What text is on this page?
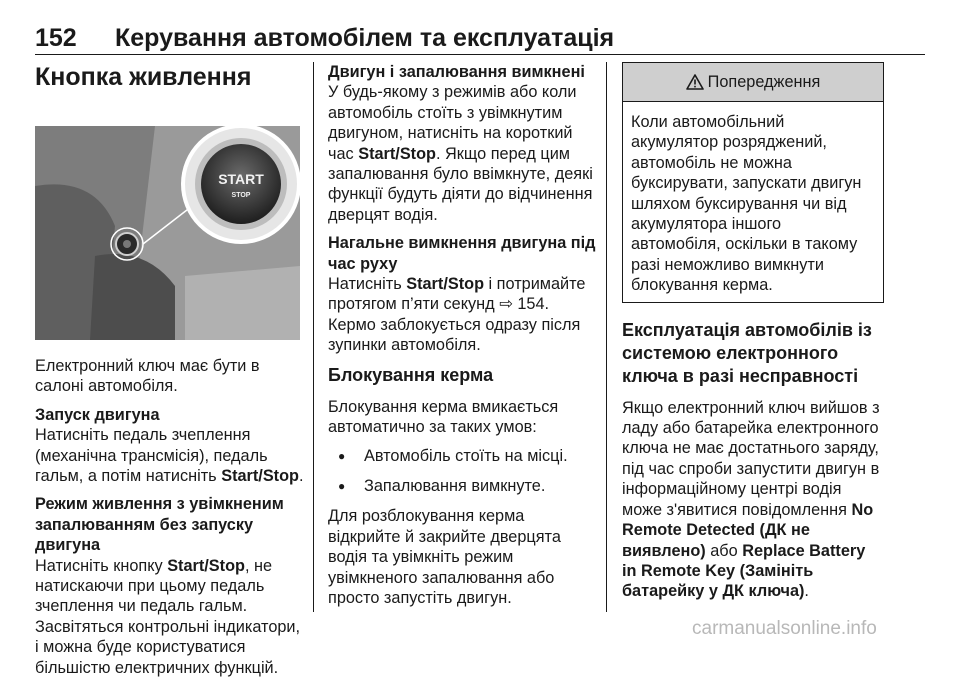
152 Керування автомобілем та експлуатація
Кнопка живлення
START
STOP

Електронний ключ має бути в салоні автомобіля.

Запуск двигуна

Натисніть педаль зчеплення (механічна трансмісія), педаль гальм, а потім натисніть Start/Stop.

Режим живлення з увімкненим запалюванням без запуску двигуна

Натисніть кнопку Start/Stop, не натискаючи при цьому педаль зчеплення чи педаль гальм. Засвітяться контрольні індикатори, і можна буде користуватися більшістю електричних функцій.

Двигун і запалювання вимкнені

У будь-якому з режимів або коли автомобіль стоїть з увімкнутим двигуном, натисніть на короткий час Start/Stop. Якщо перед цим запалювання було ввімкнуте, деякі функції будуть діяти до відчинення дверцят водія.

Нагальне вимкнення двигуна під час руху

Натисніть Start/Stop і потримайте протягом п’яти секунд ⇨ 154. Кермо заблокується одразу після зупинки автомобіля.

Блокування керма

Блокування керма вмикається автоматично за таких умов:

● Автомобіль стоїть на місці.
● Запалювання вимкнуте.

Для розблокування керма відкрийте й закрийте дверцята водія та увімкніть режим увімкненого запалювання або просто запустіть двигун.

Попередження

Коли автомобільний акумулятор розряджений, автомобіль не можна буксирувати, запускати двигун шляхом буксирування чи від акумулятора іншого автомобіля, оскільки в такому разі неможливо вимкнути блокування керма.

Експлуатація автомобілів із системою електронного ключа в разі несправності

Якщо електронний ключ вийшов з ладу або батарейка електронного ключа не має достатнього заряду, під час спроби запустити двигун в інформаційному центрі водія може з'явитися повідомлення No Remote Detected (ДК не виявлено) або Replace Battery in Remote Key (Замініть батарейку у ДК ключа).

carmanualsonline.info
